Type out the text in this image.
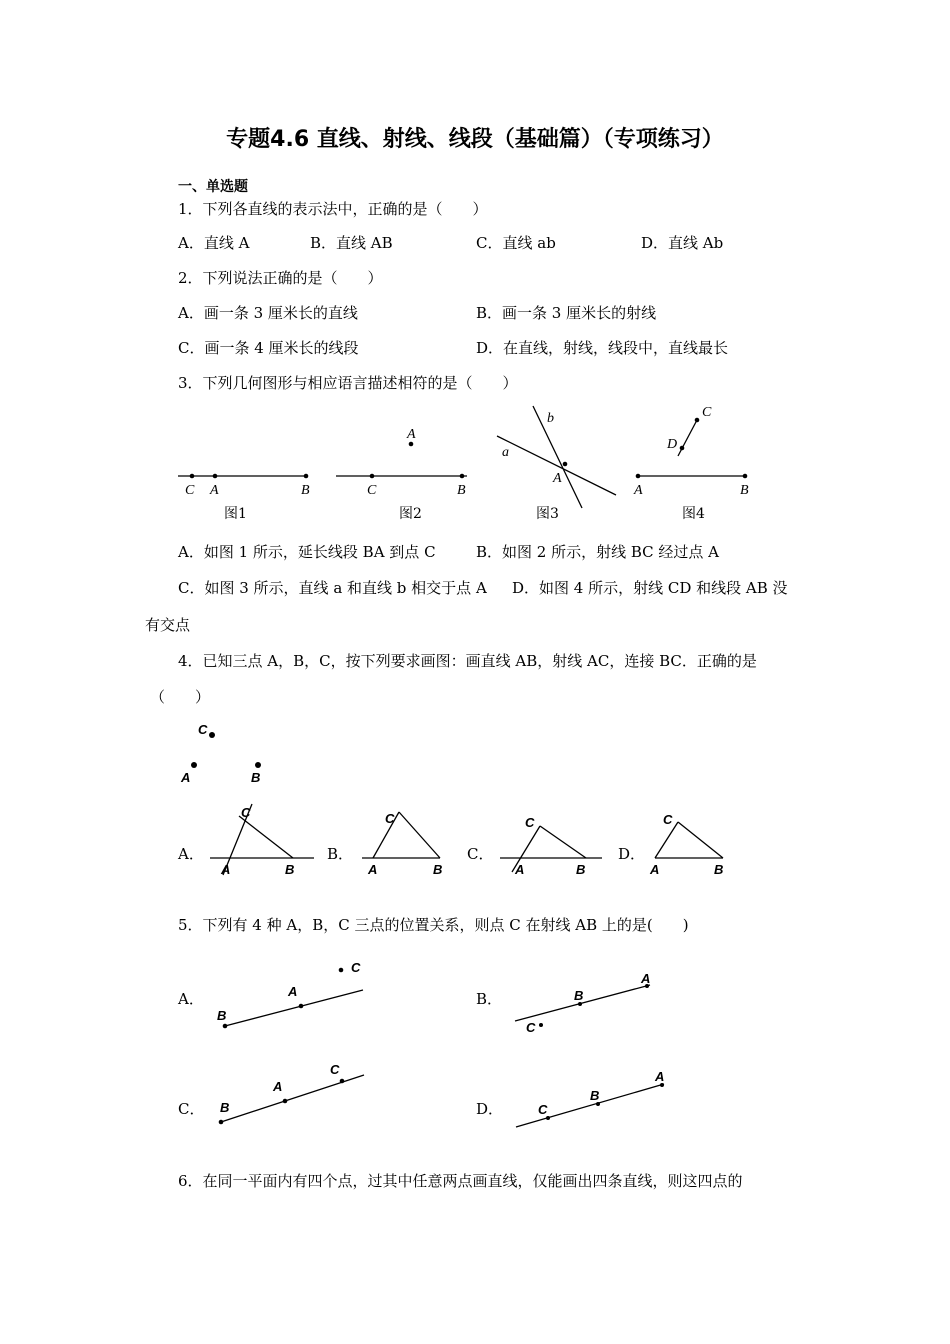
专题4.6 直线、射线、线段（基础篇）（专项练习）
一、单选题
1．下列各直线的表示法中，正确的是（　　）
A．直线 A	B．直线 AB	C．直线 ab	D．直线 Ab
2．下列说法正确的是（　　）
A．画一条 3 厘米长的直线	B．画一条 3 厘米长的射线
C．画一条 4 厘米长的线段	D．在直线，射线，线段中，直线最长
3．下列几何图形与相应语言描述相符的是（　　）
C A	B
图1
A
C	B
图2
b
a
A
图3
C
D
A	B
图4
A．如图 1 所示，延长线段 BA 到点 C	B．如图 2 所示，射线 BC 经过点 A
C．如图 3 所示，直线 a 和直线 b 相交于点 A D．如图 4 所示，射线 CD 和线段 AB 没
有交点
4．已知三点 A，B，C，按下列要求画图：画直线 AB，射线 AC，连接 BC．正确的是
（　　）
C
A	B
C
A	B
C
A	B
C
A	B
C
A	B
A．	B．	C．	D．
5．下列有 4 种 A，B，C 三点的位置关系，则点 C 在射线 AB 上的是(　　)
C
A
B
A
B
C
C
A
B
A
B
C
A．	B．
C．	D．
6．在同一平面内有四个点，过其中任意两点画直线，仅能画出四条直线，则这四点的
